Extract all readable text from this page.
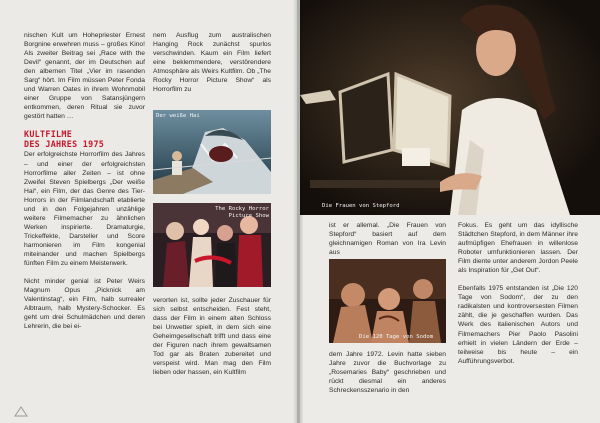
nischen Kult um Hohepriester Ernest Borgnine erwehren muss – großes Kino! Als zweiter Beitrag sei „Race with the Devil“ genannt, der im Deutschen auf den albernen Titel „Vier im rasenden Sarg“ hört. Im Film müssen Peter Fonda und Warren Oates in ihrem Wohnmobil einer Gruppe von Satansjüngern entkommen, deren Ritual sie zuvor gestört hatten …

KULTFILME
DES JAHRES 1975

Der erfolgreichste Horrorfilm des Jahres – und einer der erfolgreichsten Horrorfilme aller Zeiten – ist ohne Zweifel Steven Spielbergs „Der weiße Hai“, ein Film, der das Genre des Tier-Horrors in der Filmlandschaft etablierte und in den Folgejahren unzählige weitere Filmemacher zu ähnlichen Werken inspirierte. Dramaturgie, Trickeffekte, Darsteller und Score harmonieren im Film kongenial miteinander und machen Spielbergs fünften Film zu einem Meisterwerk.

Nicht minder genial ist Peter Weirs Magnum Opus „Picknick am Valentinstag“, ein Film, halb surrealer Albtraum, halb Mystery-Schocker. Es geht um drei Schulmädchen und deren Lehrerin, die bei ei-

nem Ausflug zum australischen Hanging Rock zunächst spurlos verschwinden. Kaum ein Film liefert eine beklemmendere, verstörendere Atmosphäre als Weirs Kultfilm. Ob „The Rocky Horror Picture Show“ als Horrorfilm zu

Der weiße Hai
The Rocky Horror
Picture Show

verorten ist, sollte jeder Zuschauer für sich selbst entscheiden. Fest steht, dass der Film in einem alten Schloss bei Unwetter spielt, in dem sich eine Geheimgesellschaft trifft und dass eine der Figuren nach ihrem gewaltsamen Tod gar als Braten zubereitet und verspeist wird. Man mag den Film lieben oder hassen, ein Kultfilm

Die Frauen von Stepford

ist er allemal. „Die Frauen von Stepford“ basiert auf dem gleichnamigen Roman von Ira Levin aus

Die 120 Tage von Sodom

dem Jahre 1972. Levin hatte sieben Jahre zuvor die Buchvorlage zu „Rosemaries Baby“ geschrieben und rückt diesmal ein anderes Schreckensszenario in den

Fokus. Es geht um das idyllische Städtchen Stepford, in dem Männer ihre aufmüpfigen Ehefrauen in willenlose Roboter umfunktionieren lassen. Der Film diente unter anderem Jordon Peele als Inspiration für „Get Out“.

Ebenfalls 1975 entstanden ist „Die 120 Tage von Sodom“, der zu den radikalsten und kontroversesten Filmen zählt, die je geschaffen wurden. Das Werk des italienischen Autors und Filmemachers Pier Paolo Pasolini erhielt in vielen Ländern der Erde – teilweise bis heute – ein Aufführungsverbot.
